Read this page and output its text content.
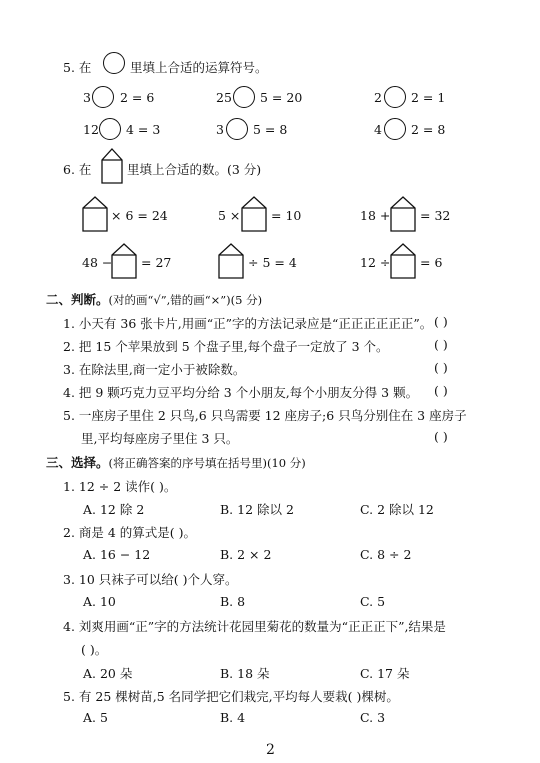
5. 在	里填上合适的运算符号。
3 2 = 6	25 5 = 20	2 2 = 1
12 4 = 3	3 5 = 8	4 2 = 8
6. 在	里填上合适的数。(3 分)
× 6 = 24	5 × = 10	18 + = 32
48 − = 27	÷ 5 = 4	12 ÷ = 6
二、判断。(对的画“√”,错的画“×”)(5 分)
1. 小天有 36 张卡片,用画“正”字的方法记录应是“正正正正正正”。 ( )
2. 把 15 个苹果放到 5 个盘子里,每个盘子一定放了 3 个。	( )
3. 在除法里,商一定小于被除数。	( )
4. 把 9 颗巧克力豆平均分给 3 个小朋友,每个小朋友分得 3 颗。 ( )
5. 一座房子里住 2 只鸟,6 只鸟需要 12 座房子;6 只鸟分别住在 3 座房子
里,平均每座房子里住 3 只。	( )
三、选择。(将正确答案的序号填在括号里)(10 分)
1. 12 ÷ 2 读作( )。
A. 12 除 2	B. 12 除以 2	C. 2 除以 12
2. 商是 4 的算式是( )。
A. 16 − 12	B. 2 × 2	C. 8 ÷ 2
3. 10 只袜子可以给( )个人穿。
A. 10	B. 8	C. 5
4. 刘爽用画“正”字的方法统计花园里菊花的数量为“正正正下”,结果是
( )。
A. 20 朵	B. 18 朵	C. 17 朵
5. 有 25 棵树苗,5 名同学把它们栽完,平均每人要栽( )棵树。
A. 5	B. 4	C. 3
2
